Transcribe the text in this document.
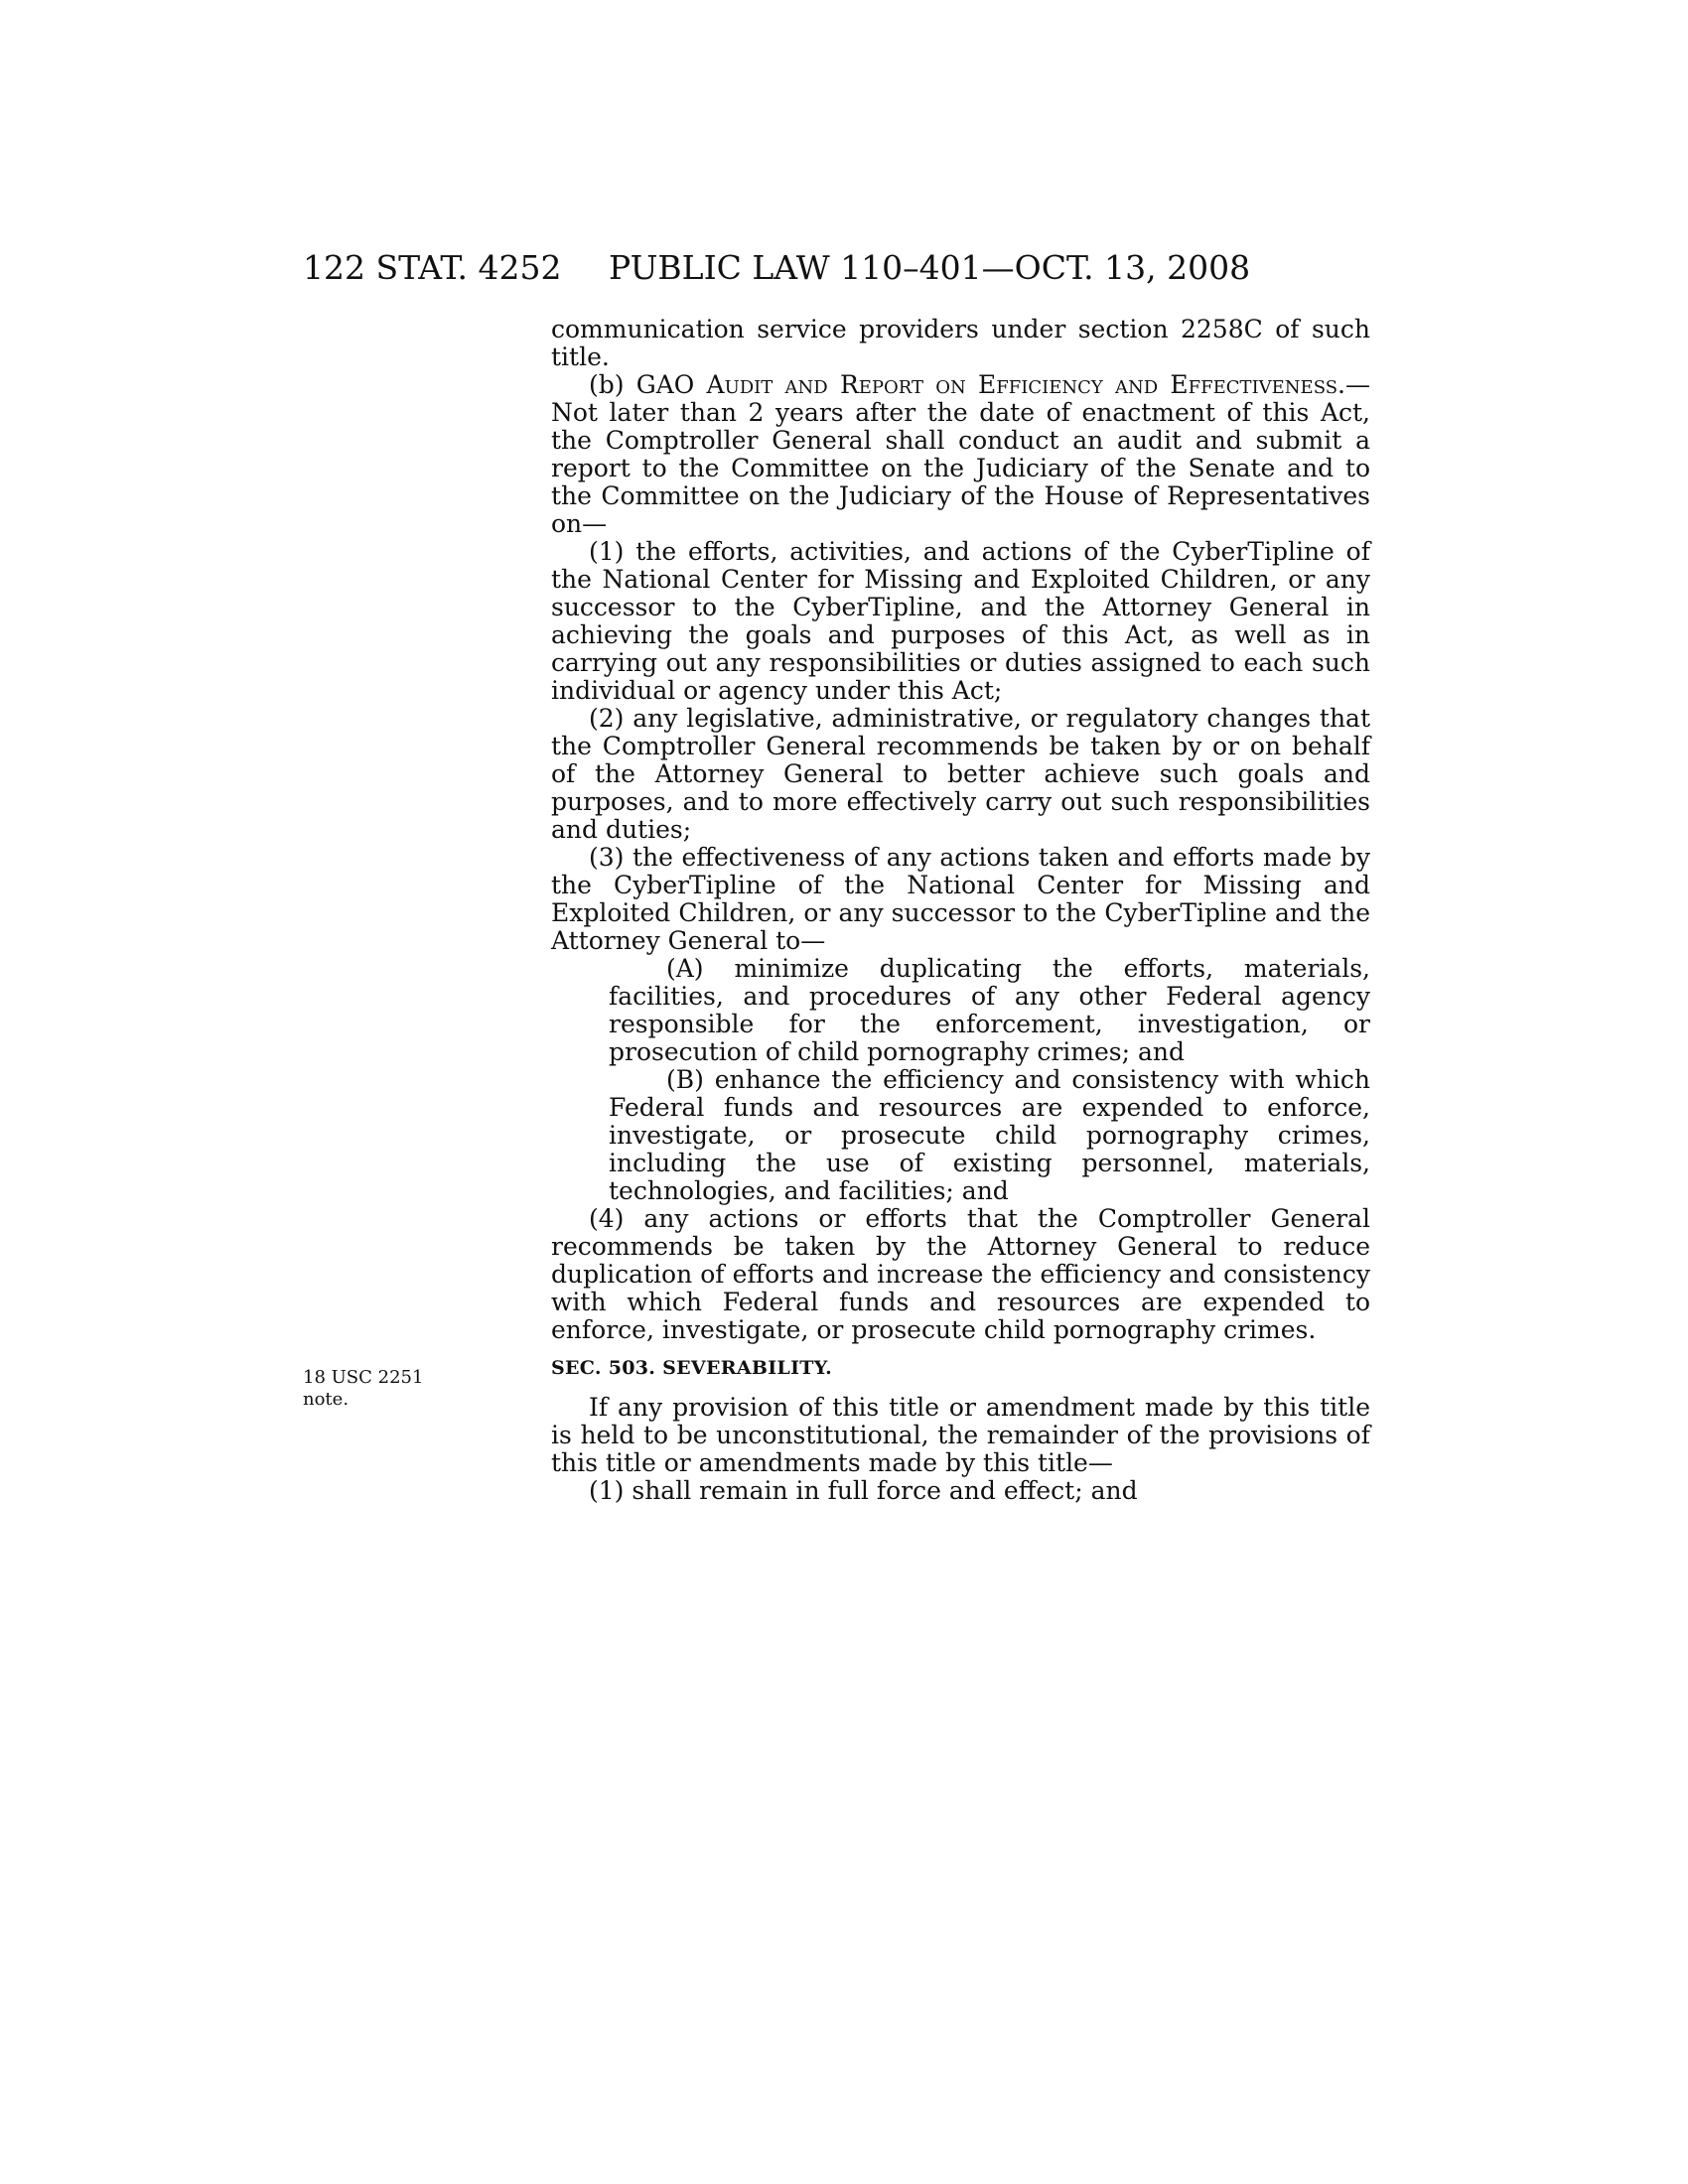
122 STAT. 4252 PUBLIC LAW 110–401—OCT. 13, 2008
18 USC 2251
note.

communication service providers under section 2258C of such title.

(b) GAO Audit and Report on Efficiency and Effectiveness.—Not later than 2 years after the date of enactment of this Act, the Comptroller General shall conduct an audit and submit a report to the Committee on the Judiciary of the Senate and to the Committee on the Judiciary of the House of Representatives on—

(1) the efforts, activities, and actions of the CyberTipline of the National Center for Missing and Exploited Children, or any successor to the CyberTipline, and the Attorney General in achieving the goals and purposes of this Act, as well as in carrying out any responsibilities or duties assigned to each such individual or agency under this Act;

(2) any legislative, administrative, or regulatory changes that the Comptroller General recommends be taken by or on behalf of the Attorney General to better achieve such goals and purposes, and to more effectively carry out such responsibilities and duties;

(3) the effectiveness of any actions taken and efforts made by the CyberTipline of the National Center for Missing and Exploited Children, or any successor to the CyberTipline and the Attorney General to—

(A) minimize duplicating the efforts, materials, facilities, and procedures of any other Federal agency responsible for the enforcement, investigation, or prosecution of child pornography crimes; and

(B) enhance the efficiency and consistency with which Federal funds and resources are expended to enforce, investigate, or prosecute child pornography crimes, including the use of existing personnel, materials, technologies, and facilities; and

(4) any actions or efforts that the Comptroller General recommends be taken by the Attorney General to reduce duplication of efforts and increase the efficiency and consistency with which Federal funds and resources are expended to enforce, investigate, or prosecute child pornography crimes.

SEC. 503. SEVERABILITY.

If any provision of this title or amendment made by this title is held to be unconstitutional, the remainder of the provisions of this title or amendments made by this title—

(1) shall remain in full force and effect; and
